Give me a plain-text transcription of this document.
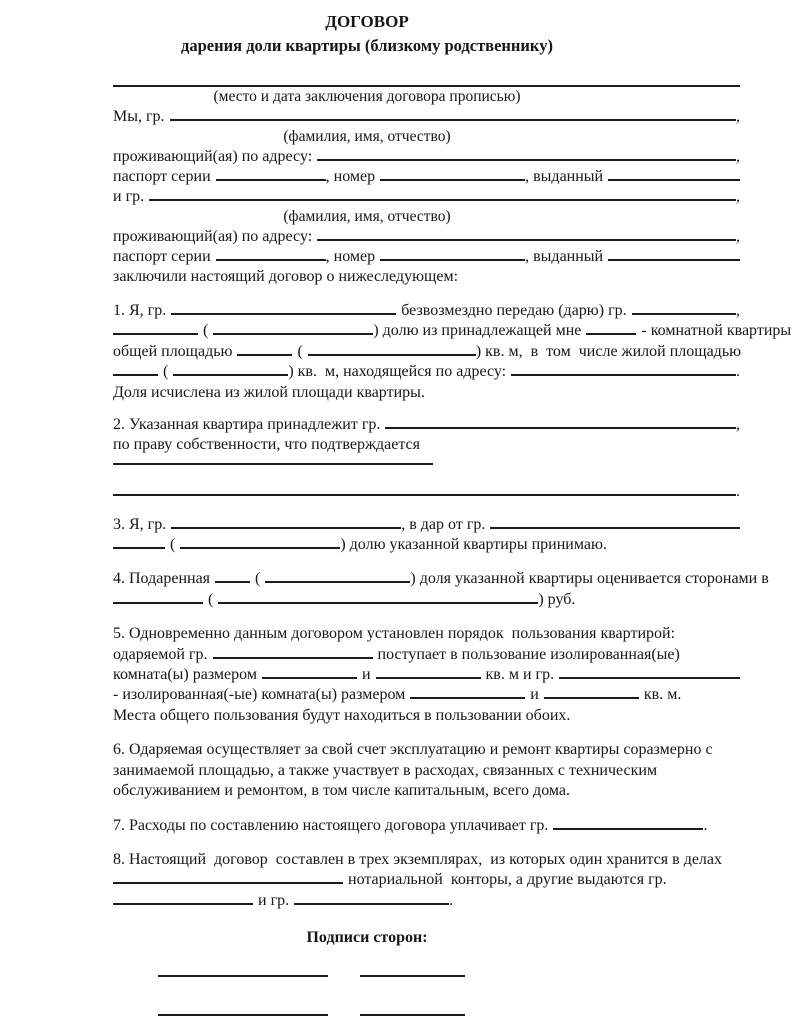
ДОГОВОР
дарения доли квартиры (близкому родственнику)
(место и дата заключения договора прописью)
Мы, гр.	,
(фамилия, имя, отчество)
проживающий(ая) по адресу:	,
паспорт серии	, номер	, выданный
и гр.	,
(фамилия, имя, отчество)
проживающий(ая) по адресу:	,
паспорт серии	, номер	, выданный
заключили настоящий договор о нижеследующем:
1. Я, гр.	безвозмездно передаю (дарю) гр.	,
(	) долю из принадлежащей мне	- комнатной квартиры
общей площадью	(	) кв. м,  в  том  числе жилой площадью
(	) кв.  м, находящейся по адресу:	.
Доля исчислена из жилой площади квартиры.
2. Указанная квартира принадлежит гр.	,
по праву собственности, что подтверждается
.
3. Я, гр.	, в дар от гр.
(	) долю указанной квартиры принимаю.
4. Подаренная	(	) доля указанной квартиры оценивается сторонами в
(	) руб.
5. Одновременно данным договором установлен порядок  пользования квартирой:
одаряемой гр.	поступает в пользование изолированная(ые)
комната(ы) размером	и	кв. м и гр.
- изолированная(-ые) комната(ы) размером	и	кв. м.
Места общего пользования будут находиться в пользовании обоих.
6. Одаряемая осуществляет за свой счет эксплуатацию и ремонт квартиры соразмерно с
занимаемой площадью, а также участвует в расходах, связанных с техническим
обслуживанием и ремонтом, в том числе капитальным, всего дома.
7. Расходы по составлению настоящего договора уплачивает гр.	.
8. Настоящий  договор  составлен в трех экземплярах,  из которых один хранится в делах
нотариальной  конторы, а другие выдаются гр.
и гр.	.
Подписи сторон:
